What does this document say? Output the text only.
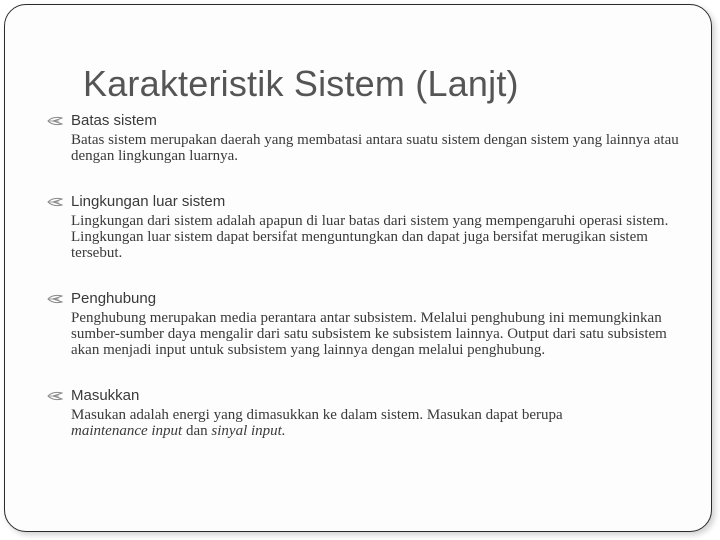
Karakteristik Sistem (Lanjt)
Batas sistem
Batas sistem merupakan daerah yang membatasi antara suatu sistem dengan sistem yang lainnya atau dengan lingkungan luarnya.
Lingkungan luar sistem
Lingkungan dari sistem adalah apapun di luar batas dari sistem yang mempengaruhi operasi sistem. Lingkungan luar sistem dapat bersifat menguntungkan dan dapat juga bersifat merugikan sistem tersebut.
Penghubung
Penghubung merupakan media perantara antar subsistem. Melalui penghubung ini memungkinkan sumber-sumber daya mengalir dari satu subsistem ke subsistem lainnya. Output dari satu subsistem akan menjadi input untuk subsistem yang lainnya dengan melalui penghubung.
Masukkan
Masukan adalah energi yang dimasukkan ke dalam sistem. Masukan dapat berupa
maintenance input dan sinyal input.
